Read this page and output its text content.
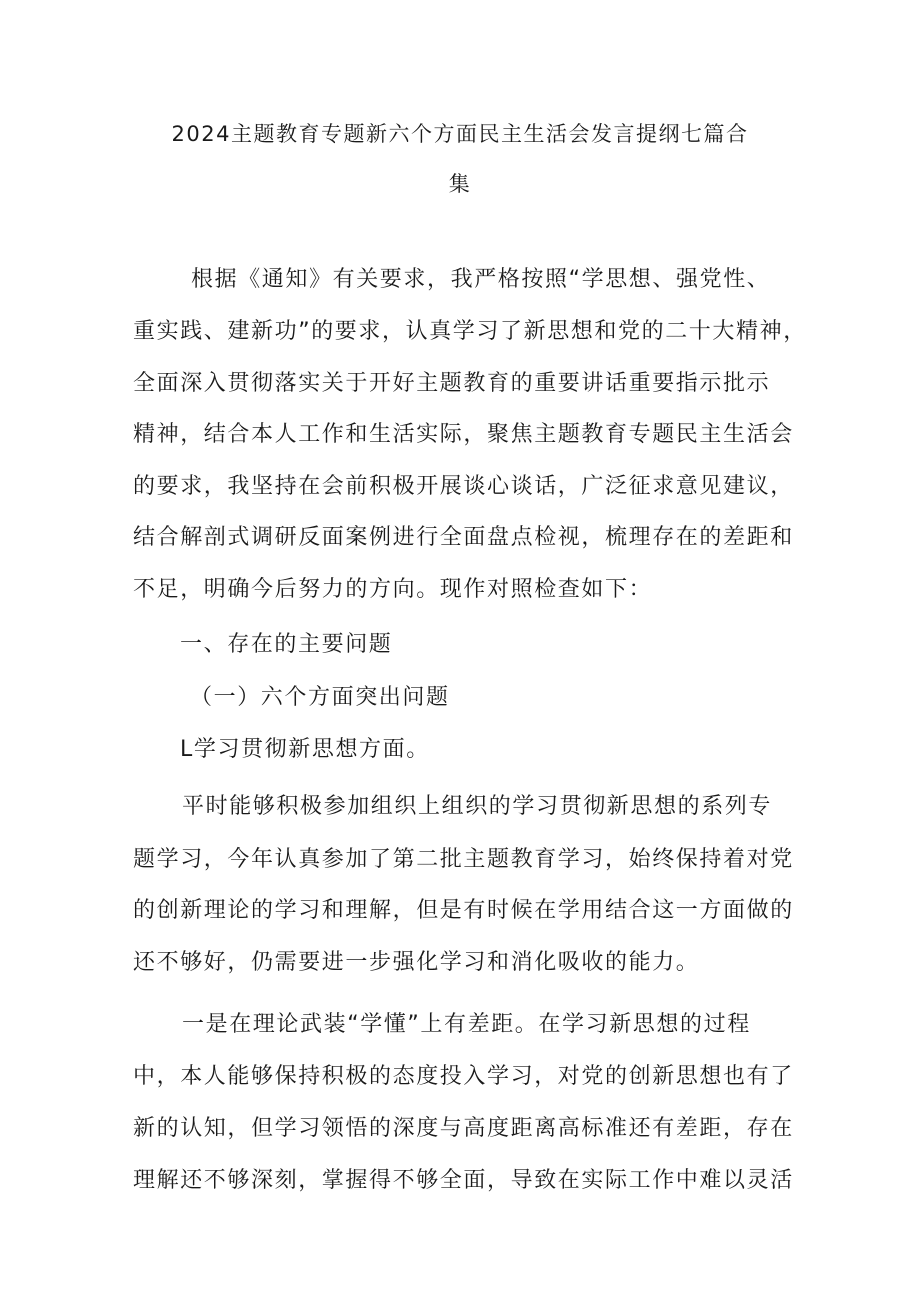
2024主题教育专题新六个方面民主生活会发言提纲七篇合
集

根据《通知》有关要求，我严格按照“学思想、强党性、

重实践、建新功”的要求，认真学习了新思想和党的二十大精神，

全面深入贯彻落实关于开好主题教育的重要讲话重要指示批示

精神，结合本人工作和生活实际，聚焦主题教育专题民主生活会

的要求，我坚持在会前积极开展谈心谈话，广泛征求意见建议，

结合解剖式调研反面案例进行全面盘点检视，梳理存在的差距和

不足，明确今后努力的方向。现作对照检查如下：

一、存在的主要问题

（一）六个方面突出问题

L学习贯彻新思想方面。

平时能够积极参加组织上组织的学习贯彻新思想的系列专

题学习，今年认真参加了第二批主题教育学习，始终保持着对党

的创新理论的学习和理解，但是有时候在学用结合这一方面做的

还不够好，仍需要进一步强化学习和消化吸收的能力。

一是在理论武装“学懂”上有差距。在学习新思想的过程

中，本人能够保持积极的态度投入学习，对党的创新思想也有了

新的认知，但学习领悟的深度与高度距离高标准还有差距，存在

理解还不够深刻，掌握得不够全面，导致在实际工作中难以灵活
